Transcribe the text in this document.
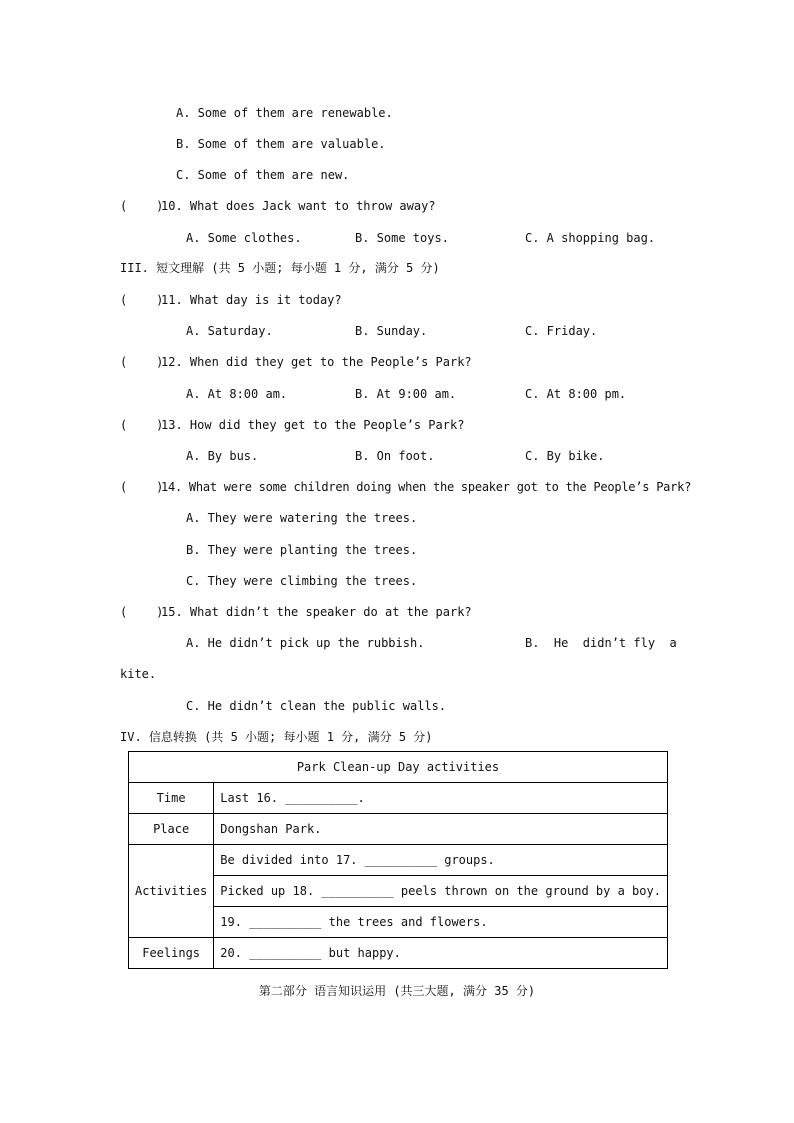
A. Some of them are renewable.
B. Some of them are valuable.
C. Some of them are new.
(    )
10. What does Jack want to throw away?
A. Some clothes.	B. Some toys.	C. A shopping bag.
III. 短文理解 (共 5 小题; 每小题 1 分, 满分 5 分)
(    )
11. What day is it today?
A. Saturday.	B. Sunday.	C. Friday.
(    )
12. When did they get to the People’s Park?
A. At 8:00 am.	B. At 9:00 am.	C. At 8:00 pm.
(    )
13. How did they get to the People’s Park?
A. By bus.	B. On foot.	C. By bike.
(    )
14. What were some children doing when the speaker got to the People’s Park?
A. They were watering the trees.
B. They were planting the trees.
C. They were climbing the trees.
(    )
15. What didn’t the speaker do at the park?
A. He didn’t pick up the rubbish.	B.  He  didn’t fly  a
kite.
C. He didn’t clean the public walls.
IV. 信息转换 (共 5 小题; 每小题 1 分, 满分 5 分)
Park Clean-up Day activities	
Time	Last 16. __________.
Place	Dongshan Park.
Activities	Be divided into 17. __________ groups.
	Picked up 18. __________ peels thrown on the ground by a boy.
	19. __________ the trees and flowers.
Feelings	20. __________ but happy.
第二部分 语言知识运用 (共三大题, 满分 35 分)
